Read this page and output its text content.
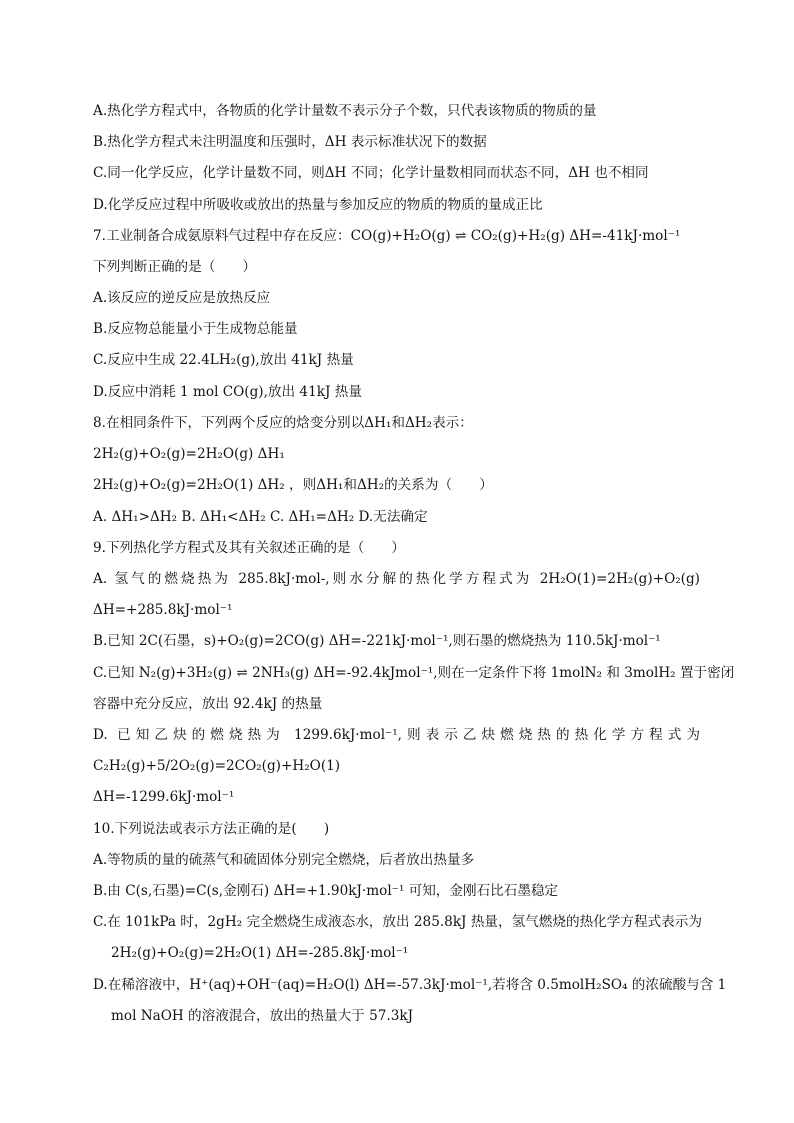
A.热化学方程式中，各物质的化学计量数不表示分子个数，只代表该物质的物质的量
B.热化学方程式未注明温度和压强时，ΔH 表示标准状况下的数据
C.同一化学反应，化学计量数不同，则ΔH 不同；化学计量数相同而状态不同，ΔH 也不相同
D.化学反应过程中所吸收或放出的热量与参加反应的物质的物质的量成正比
7.工业制备合成氨原料气过程中存在反应：CO(g)+H₂O(g) ⇌ CO₂(g)+H₂(g) ΔH=-41kJ·mol⁻¹
下列判断正确的是（　　）
A.该反应的逆反应是放热反应
B.反应物总能量小于生成物总能量
C.反应中生成 22.4LH₂(g),放出 41kJ 热量
D.反应中消耗 1 mol CO(g),放出 41kJ 热量
8.在相同条件下，下列两个反应的焓变分别以ΔH₁和ΔH₂表示：
2H₂(g)+O₂(g)=2H₂O(g) ΔH₁
2H₂(g)+O₂(g)=2H₂O(1) ΔH₂ ，则ΔH₁和ΔH₂的关系为（　　）
A. ΔH₁>ΔH₂ B. ΔH₁<ΔH₂ C. ΔH₁=ΔH₂ D.无法确定
9.下列热化学方程式及其有关叙述正确的是（　　）
A. 氢气的燃烧热为 285.8kJ·mol-,则水分解的热化学方程式为 2H₂O(1)=2H₂(g)+O₂(g)
ΔH=+285.8kJ·mol⁻¹
B.已知 2C(石墨，s)+O₂(g)=2CO(g) ΔH=-221kJ·mol⁻¹,则石墨的燃烧热为 110.5kJ·mol⁻¹
C.已知 N₂(g)+3H₂(g) ⇌ 2NH₃(g) ΔH=-92.4kJmol⁻¹,则在一定条件下将 1molN₂ 和 3molH₂ 置于密闭
容器中充分反应，放出 92.4kJ 的热量
D. 已知乙炔的燃烧热为 1299.6kJ·mol⁻¹,则表示乙炔燃烧热的热化学方程式为
C₂H₂(g)+5/2O₂(g)=2CO₂(g)+H₂O(1)
ΔH=-1299.6kJ·mol⁻¹
10.下列说法或表示方法正确的是(　　)
A.等物质的量的硫蒸气和硫固体分别完全燃烧，后者放出热量多
B.由 C(s,石墨)=C(s,金刚石) ΔH=+1.90kJ·mol⁻¹ 可知，金刚石比石墨稳定
C.在 101kPa 时，2gH₂ 完全燃烧生成液态水，放出 285.8kJ 热量，氢气燃烧的热化学方程式表示为
2H₂(g)+O₂(g)=2H₂O(1) ΔH=-285.8kJ·mol⁻¹
D.在稀溶液中，H⁺(aq)+OH⁻(aq)=H₂O(l) ΔH=-57.3kJ·mol⁻¹,若将含 0.5molH₂SO₄ 的浓硫酸与含 1
mol NaOH 的溶液混合，放出的热量大于 57.3kJ
